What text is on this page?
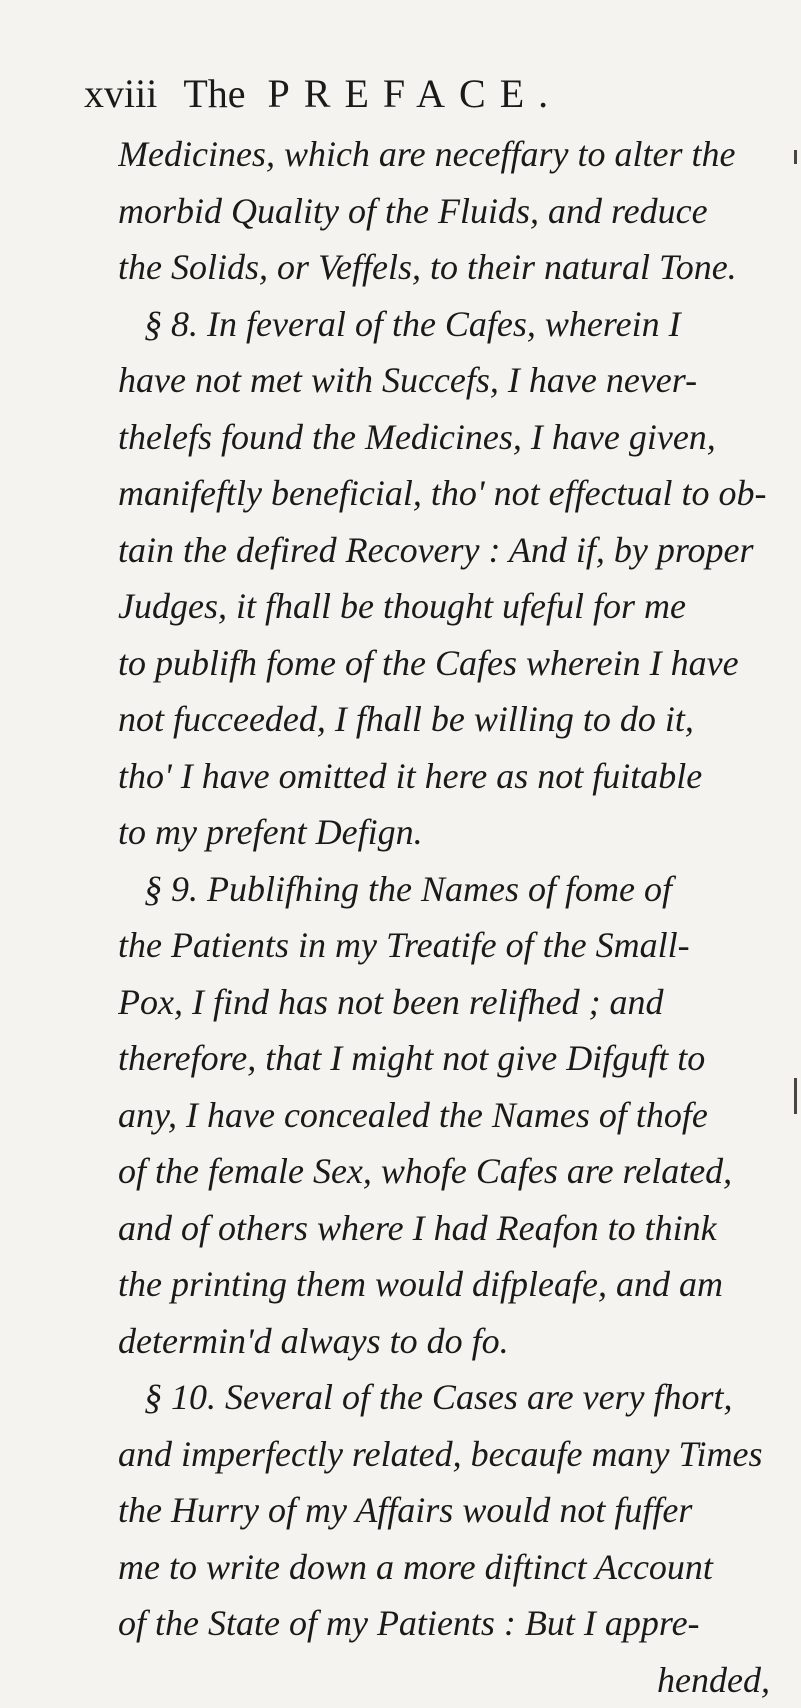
xviii The PREFACE.
Medicines, which are neceffary to alter the
morbid Quality of the Fluids, and reduce
the Solids, or Veffels, to their natural Tone.
§ 8. In feveral of the Cafes, wherein I
have not met with Succefs, I have never-
thelefs found the Medicines, I have given,
manifeftly beneficial, tho' not effectual to ob-
tain the defired Recovery : And if, by proper
Judges, it fhall be thought ufeful for me
to publifh fome of the Cafes wherein I have
not fucceeded, I fhall be willing to do it,
tho' I have omitted it here as not fuitable
to my prefent Defign.
§ 9. Publifhing the Names of fome of
the Patients in my Treatife of the Small-
Pox, I find has not been relifhed ; and
therefore, that I might not give Difguft to
any, I have concealed the Names of thofe
of the female Sex, whofe Cafes are related,
and of others where I had Reafon to think
the printing them would difpleafe, and am
determin'd always to do fo.
§ 10. Several of the Cases are very fhort,
and imperfectly related, becaufe many Times
the Hurry of my Affairs would not fuffer
me to write down a more diftinct Account
of the State of my Patients : But I appre-
hended,
